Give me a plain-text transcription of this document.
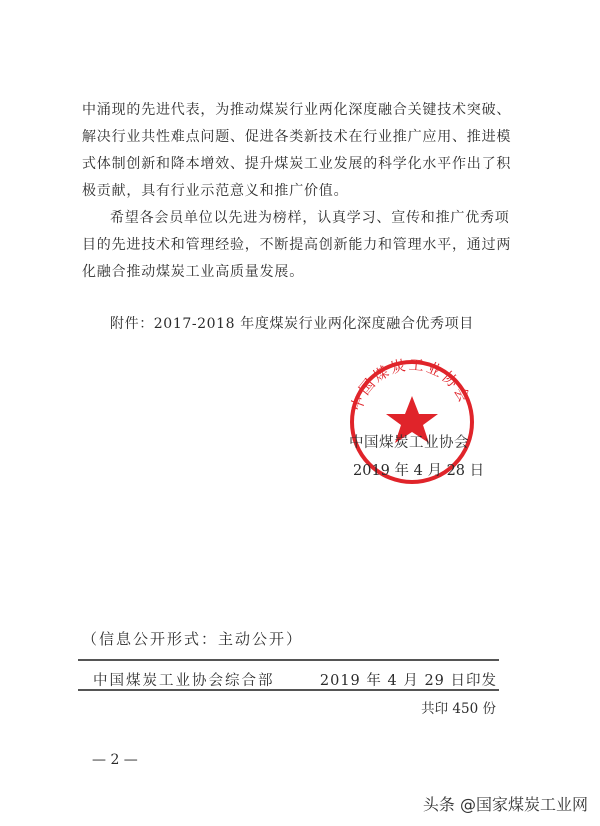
中涌现的先进代表，为推动煤炭行业两化深度融合关键技术突破、
解决行业共性难点问题、促进各类新技术在行业推广应用、推进模
式体制创新和降本增效、提升煤炭工业发展的科学化水平作出了积
极贡献，具有行业示范意义和推广价值。
希望各会员单位以先进为榜样，认真学习、宣传和推广优秀项
目的先进技术和管理经验，不断提高创新能力和管理水平，通过两
化融合推动煤炭工业高质量发展。
附件：2017-2018 年度煤炭行业两化深度融合优秀项目
中国煤炭工业协会
中国煤炭工业协会
2019 年 4 月 28 日
（信息公开形式：主动公开）
中国煤炭工业协会综合部	2019 年 4 月 29 日印发
共印 450 份
— 2 —
头条 @国家煤炭工业网
